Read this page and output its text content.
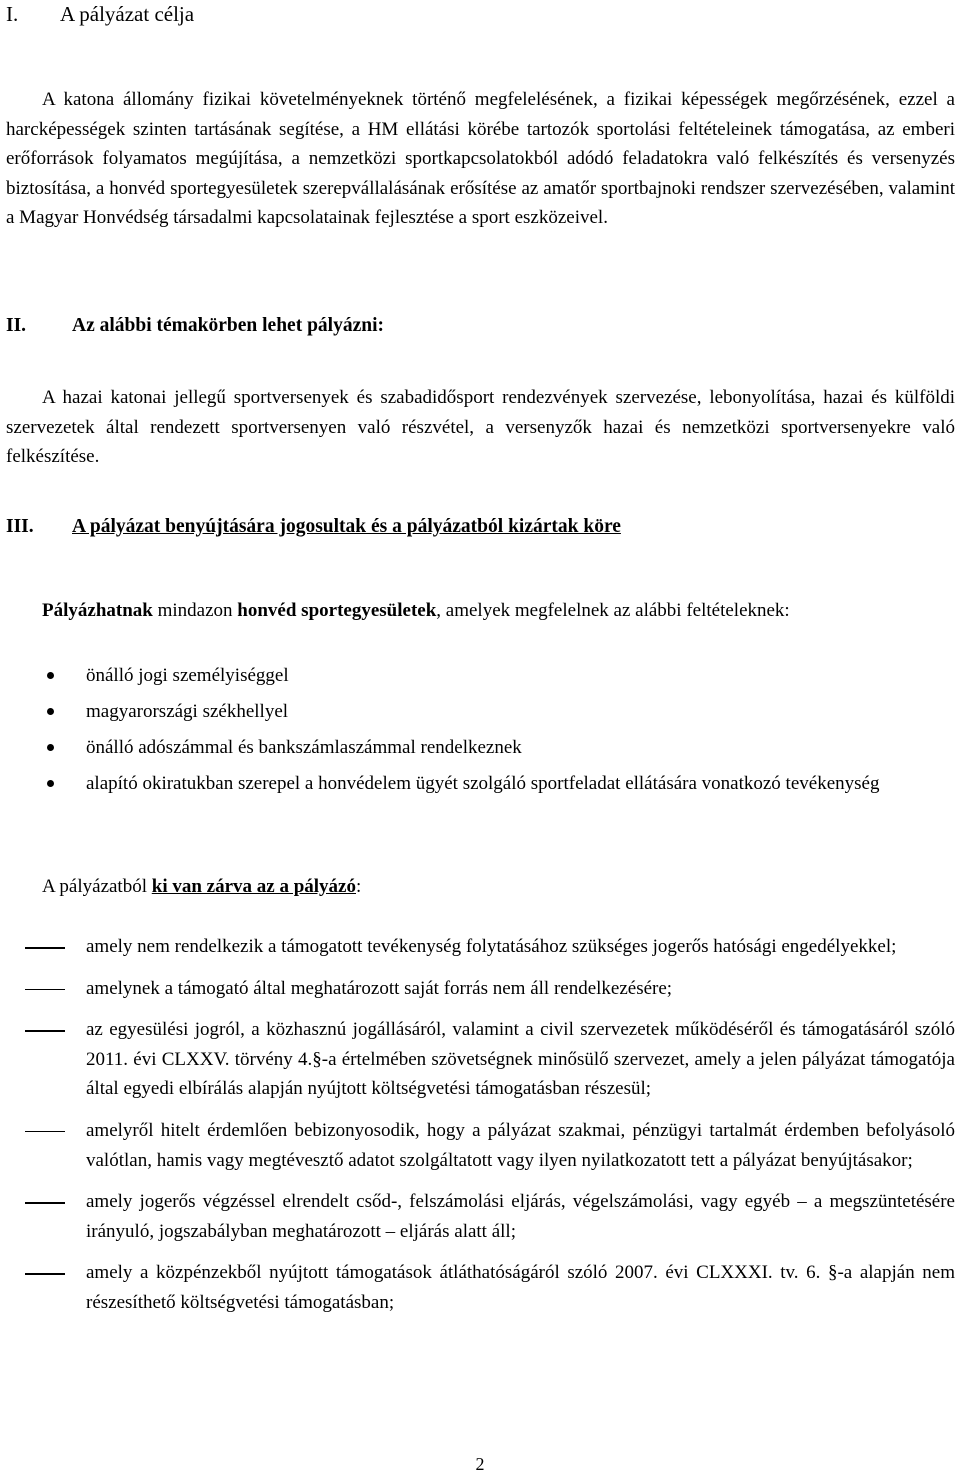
I.	A pályázat célja
A katona állomány fizikai követelményeknek történő megfelelésének, a fizikai képességek megőrzésének, ezzel a harcképességek szinten tartásának segítése, a HM ellátási körébe tartozók sportolási feltételeinek támogatása, az emberi erőforrások folyamatos megújítása, a nemzetközi sportkapcsolatokból adódó feladatokra való felkészítés és versenyzés biztosítása, a honvéd sportegyesületek szerepvállalásának erősítése az amatőr sportbajnoki rendszer szervezésében, valamint a Magyar Honvédség társadalmi kapcsolatainak fejlesztése a sport eszközeivel.
II.	Az alábbi témakörben lehet pályázni:
A hazai katonai jellegű sportversenyek és szabadidősport rendezvények szervezése, lebonyolítása, hazai és külföldi szervezetek által rendezett sportversenyen való részvétel, a versenyzők hazai és nemzetközi sportversenyekre való felkészítése.
III.	A pályázat benyújtására jogosultak és a pályázatból kizártak köre
Pályázhatnak mindazon honvéd sportegyesületek, amelyek megfelelnek az alábbi feltételeknek:
önálló jogi személyiséggel
magyarországi székhellyel
önálló adószámmal és bankszámlaszámmal rendelkeznek
alapító okiratukban szerepel a honvédelem ügyét szolgáló sportfeladat ellátására vonatkozó tevékenység
A pályázatból ki van zárva az a pályázó:
amely nem rendelkezik a támogatott tevékenység folytatásához szükséges jogerős hatósági engedélyekkel;
amelynek a támogató által meghatározott saját forrás nem áll rendelkezésére;
az egyesülési jogról, a közhasznú jogállásáról, valamint a civil szervezetek működéséről és támogatásáról szóló 2011. évi CLXXV. törvény 4.§-a értelmében szövetségnek minősülő szervezet, amely a jelen pályázat támogatója által egyedi elbírálás alapján nyújtott költségvetési támogatásban részesül;
amelyről hitelt érdemlően bebizonyosodik, hogy a pályázat szakmai, pénzügyi tartalmát érdemben befolyásoló valótlan, hamis vagy megtévesztő adatot szolgáltatott vagy ilyen nyilatkozatott tett a pályázat benyújtásakor;
amely jogerős végzéssel elrendelt csőd-, felszámolási eljárás, végelszámolási, vagy egyéb – a megszüntetésére irányuló, jogszabályban meghatározott – eljárás alatt áll;
amely a közpénzekből nyújtott támogatások átláthatóságáról szóló 2007. évi CLXXXI. tv. 6. §-a alapján nem részesíthető költségvetési támogatásban;
2
